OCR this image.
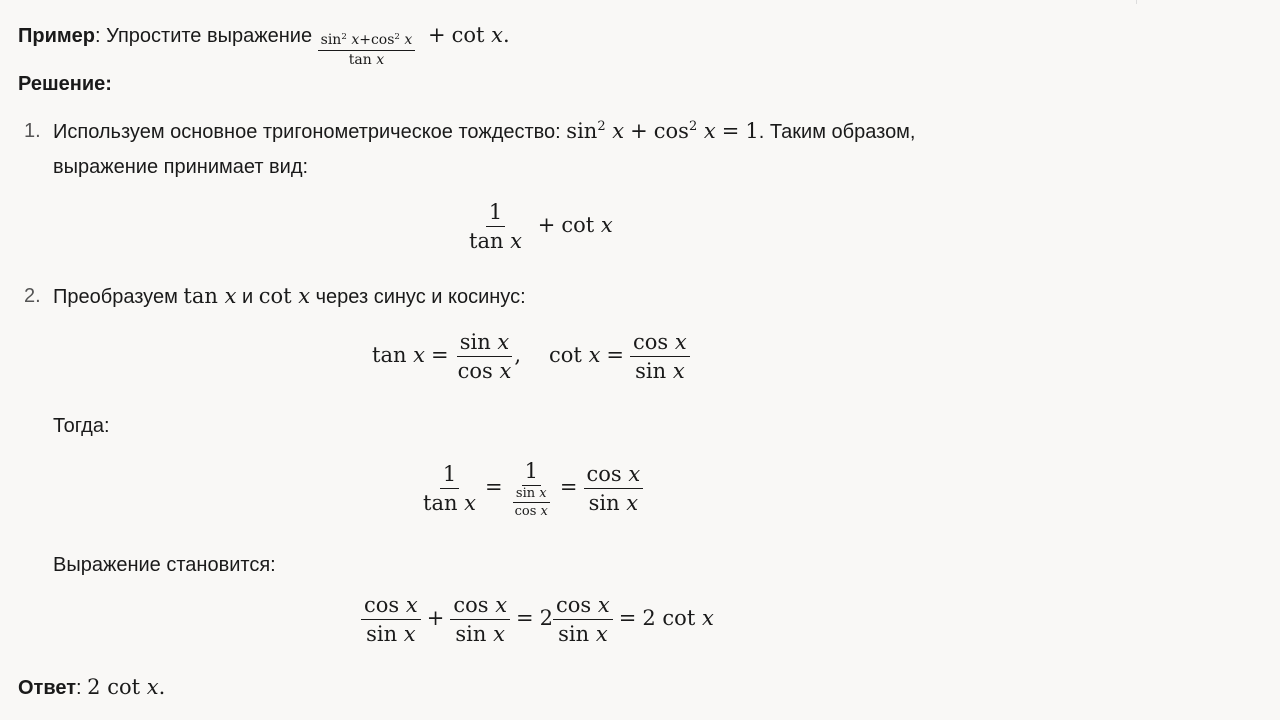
Пример: Упростите выражение $\frac{\sin^2 x+\cos^2 x}{\text{tan x}} + \cot x$.
Решение:
1. Используем основное тригонометрическое тождество: $\sin^2 x + \cos^2 x = 1$. Таким образом,
выражение принимает вид:
$\frac{1}{\text{tan x}} + \cot x$
2. Преобразуем tan x и cot x через синус и косинус:
$\tan x = \frac{\text{sin x}}{\text{cos x}}$ , $\cot x = \frac{\text{cos x}}{\text{sin x}}$
Тогда:
$\frac{1}{\text{tan x}} = \frac{1}{\frac{\text{sin x}}{\text{cos x}}} = \frac{\text{cos x}}{\text{sin x}}$
Выражение становится:
$\frac{\text{cos x}}{\text{sin x}} + \frac{\text{cos x}}{\text{sin x}} = 2 \frac{\text{cos x}}{\text{sin x}} = 2$ cot x
Ответ: 2 cot x.
